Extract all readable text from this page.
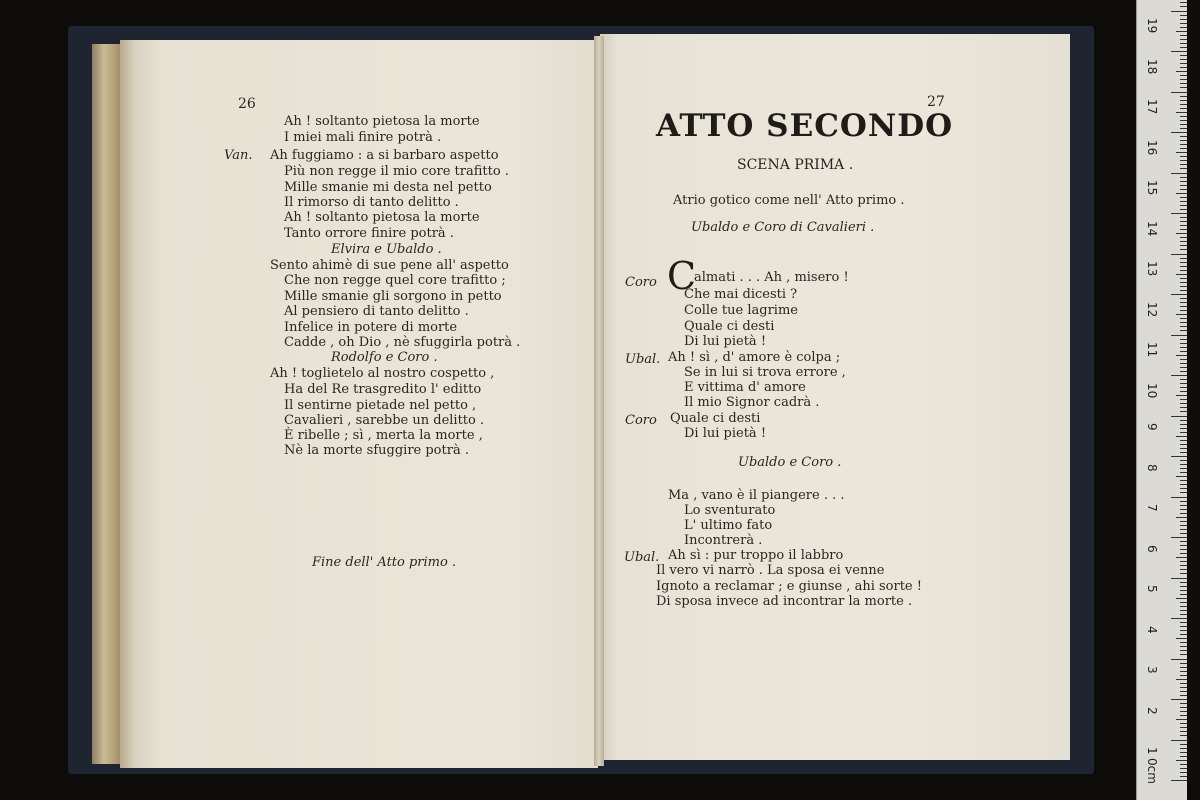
26
Ah ! soltanto pietosa la morte
I miei mali finire potrà .
Van. Ah fuggiamo : a si barbaro aspetto
Più non regge il mio core trafitto .
Mille smanie mi desta nel petto
Il rimorso di tanto delitto .
Ah ! soltanto pietosa la morte
Tanto orrore finire potrà .
Elvira e Ubaldo .
Sento ahimè di sue pene all' aspetto
Che non regge quel core trafitto ;
Mille smanie gli sorgono in petto
Al pensiero di tanto delitto .
Infelice in potere di morte
Cadde , oh Dio , nè sfuggirla potrà .
Rodolfo e Coro .
Ah ! toglietelo al nostro cospetto ,
Ha del Re trasgredito l' editto
Il sentirne pietade nel petto ,
Cavalieri , sarebbe un delitto .
È ribelle ; sì , merta la morte ,
Nè la morte sfuggire potrà .
Fine dell' Atto primo .
27
ATTO SECONDO
SCENA PRIMA .
Atrio gotico come nell' Atto primo .
Ubaldo e Coro di Cavalieri .
Coro C
almati . . . Ah , misero !
Che mai dicesti ?
Colle tue lagrime
Quale ci desti
Di lui pietà !
Ubal. Ah ! sì , d' amore è colpa ;
Se in lui si trova errore ,
E vittima d' amore
Il mio Signor cadrà .
Coro Quale ci desti
Di lui pietà !
Ubaldo e Coro .
Ma , vano è il piangere . . .
Lo sventurato
L' ultimo fato
Incontrerà .
Ubal. Ah sì : pur troppo il labbro
Il vero vi narrò . La sposa ei venne
Ignoto a reclamar ; e giunse , ahi sorte !
Di sposa invece ad incontrar la morte .
19
18
17
16
15
14
13
12
11
10
9
8
7
6
5
4
3
2
1
0cm
